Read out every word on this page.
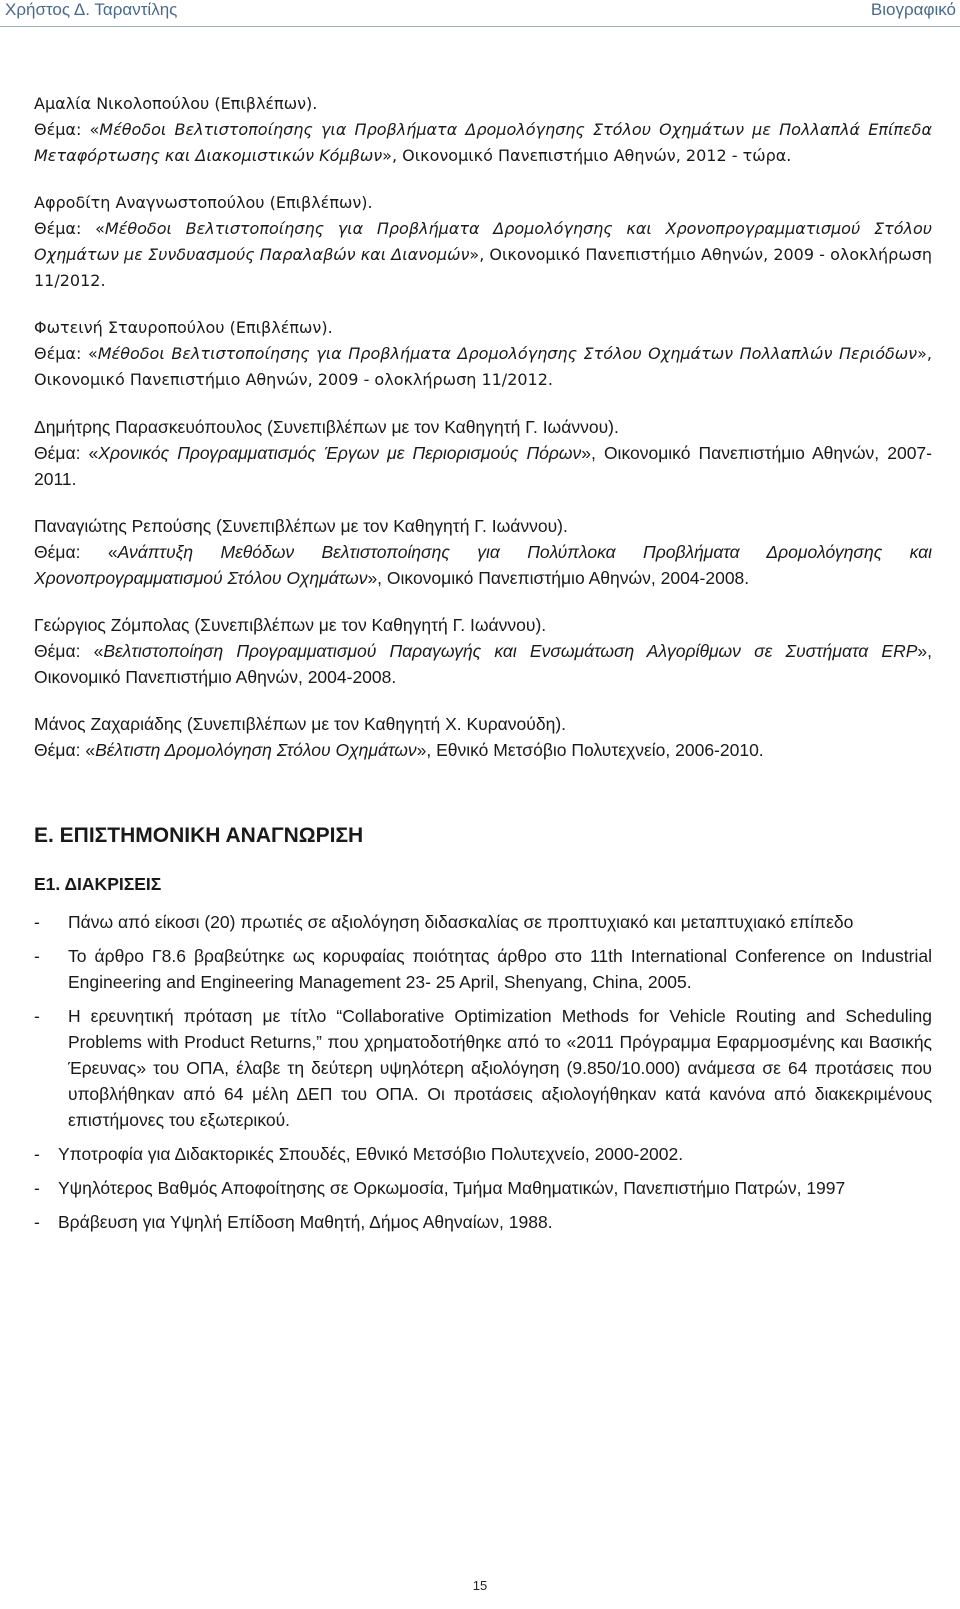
Χρήστος Δ. Ταραντίλης	Βιογραφικό

Αμαλία Νικολοπούλου (Επιβλέπων).

Θέμα: «Μέθοδοι Βελτιστοποίησης για Προβλήματα Δρομολόγησης Στόλου Οχημάτων με Πολλαπλά Επίπεδα Μεταφόρτωσης και Διακομιστικών Κόμβων», Οικονομικό Πανεπιστήμιο Αθηνών, 2012 - τώρα.

Αφροδίτη Αναγνωστοπούλου (Επιβλέπων).

Θέμα: «Μέθοδοι Βελτιστοποίησης για Προβλήματα Δρομολόγησης και Χρονοπρογραμματισμού Στόλου Οχημάτων με Συνδυασμούς Παραλαβών και Διανομών», Οικονομικό Πανεπιστήμιο Αθηνών, 2009 - ολοκλήρωση 11/2012.

Φωτεινή Σταυροπούλου (Επιβλέπων).

Θέμα: «Μέθοδοι Βελτιστοποίησης για Προβλήματα Δρομολόγησης Στόλου Οχημάτων Πολλαπλών Περιόδων», Οικονομικό Πανεπιστήμιο Αθηνών, 2009 - ολοκλήρωση 11/2012.

Δημήτρης Παρασκευόπουλος (Συνεπιβλέπων με τον Καθηγητή Γ. Ιωάννου).

Θέμα: «Χρονικός Προγραμματισμός Έργων με Περιορισμούς Πόρων», Οικονομικό Πανεπιστήμιο Αθηνών, 2007-2011.

Παναγιώτης Ρεπούσης (Συνεπιβλέπων με τον Καθηγητή Γ. Ιωάννου).

Θέμα: «Ανάπτυξη Μεθόδων Βελτιστοποίησης για Πολύπλοκα Προβλήματα Δρομολόγησης και Χρονοπρογραμματισμού Στόλου Οχημάτων», Οικονομικό Πανεπιστήμιο Αθηνών, 2004-2008.

Γεώργιος Ζόμπολας (Συνεπιβλέπων με τον Καθηγητή Γ. Ιωάννου).

Θέμα: «Βελτιστοποίηση Προγραμματισμού Παραγωγής και Ενσωμάτωση Αλγορίθμων σε Συστήματα ERP», Οικονομικό Πανεπιστήμιο Αθηνών, 2004-2008.

Μάνος Ζαχαριάδης (Συνεπιβλέπων με τον Καθηγητή Χ. Κυρανούδη).

Θέμα: «Βέλτιστη Δρομολόγηση Στόλου Οχημάτων», Εθνικό Μετσόβιο Πολυτεχνείο, 2006-2010.

Ε. ΕΠΙΣΤΗΜΟΝΙΚΗ ΑΝΑΓΝΩΡΙΣΗ
Ε1. ΔΙΑΚΡΙΣΕΙΣ
-	Πάνω από είκοσι (20) πρωτιές σε αξιολόγηση διδασκαλίας σε προπτυχιακό και μεταπτυχιακό επίπεδο
-	Το άρθρο Γ8.6 βραβεύτηκε ως κορυφαίας ποιότητας άρθρο στο 11th International Conference on Industrial Engineering and Engineering Management 23- 25 April, Shenyang, China, 2005.
-	Η ερευνητική πρόταση με τίτλο “Collaborative Optimization Methods for Vehicle Routing and Scheduling Problems with Product Returns,” που χρηματοδοτήθηκε από το «2011 Πρόγραμμα Εφαρμοσμένης και Βασικής Έρευνας» του ΟΠΑ, έλαβε τη δεύτερη υψηλότερη αξιολόγηση (9.850/10.000) ανάμεσα σε 64 προτάσεις που υποβλήθηκαν από 64 μέλη ΔΕΠ του ΟΠΑ. Οι προτάσεις αξιολογήθηκαν κατά κανόνα από διακεκριμένους επιστήμονες του εξωτερικού.
-	Υποτροφία για Διδακτορικές Σπουδές, Εθνικό Μετσόβιο Πολυτεχνείο, 2000-2002.
-	Υψηλότερος Βαθμός Αποφοίτησης σε Ορκωμοσία, Τμήμα Μαθηματικών, Πανεπιστήμιο Πατρών, 1997
-	Βράβευση για Υψηλή Επίδοση Μαθητή, Δήμος Αθηναίων, 1988.
15
